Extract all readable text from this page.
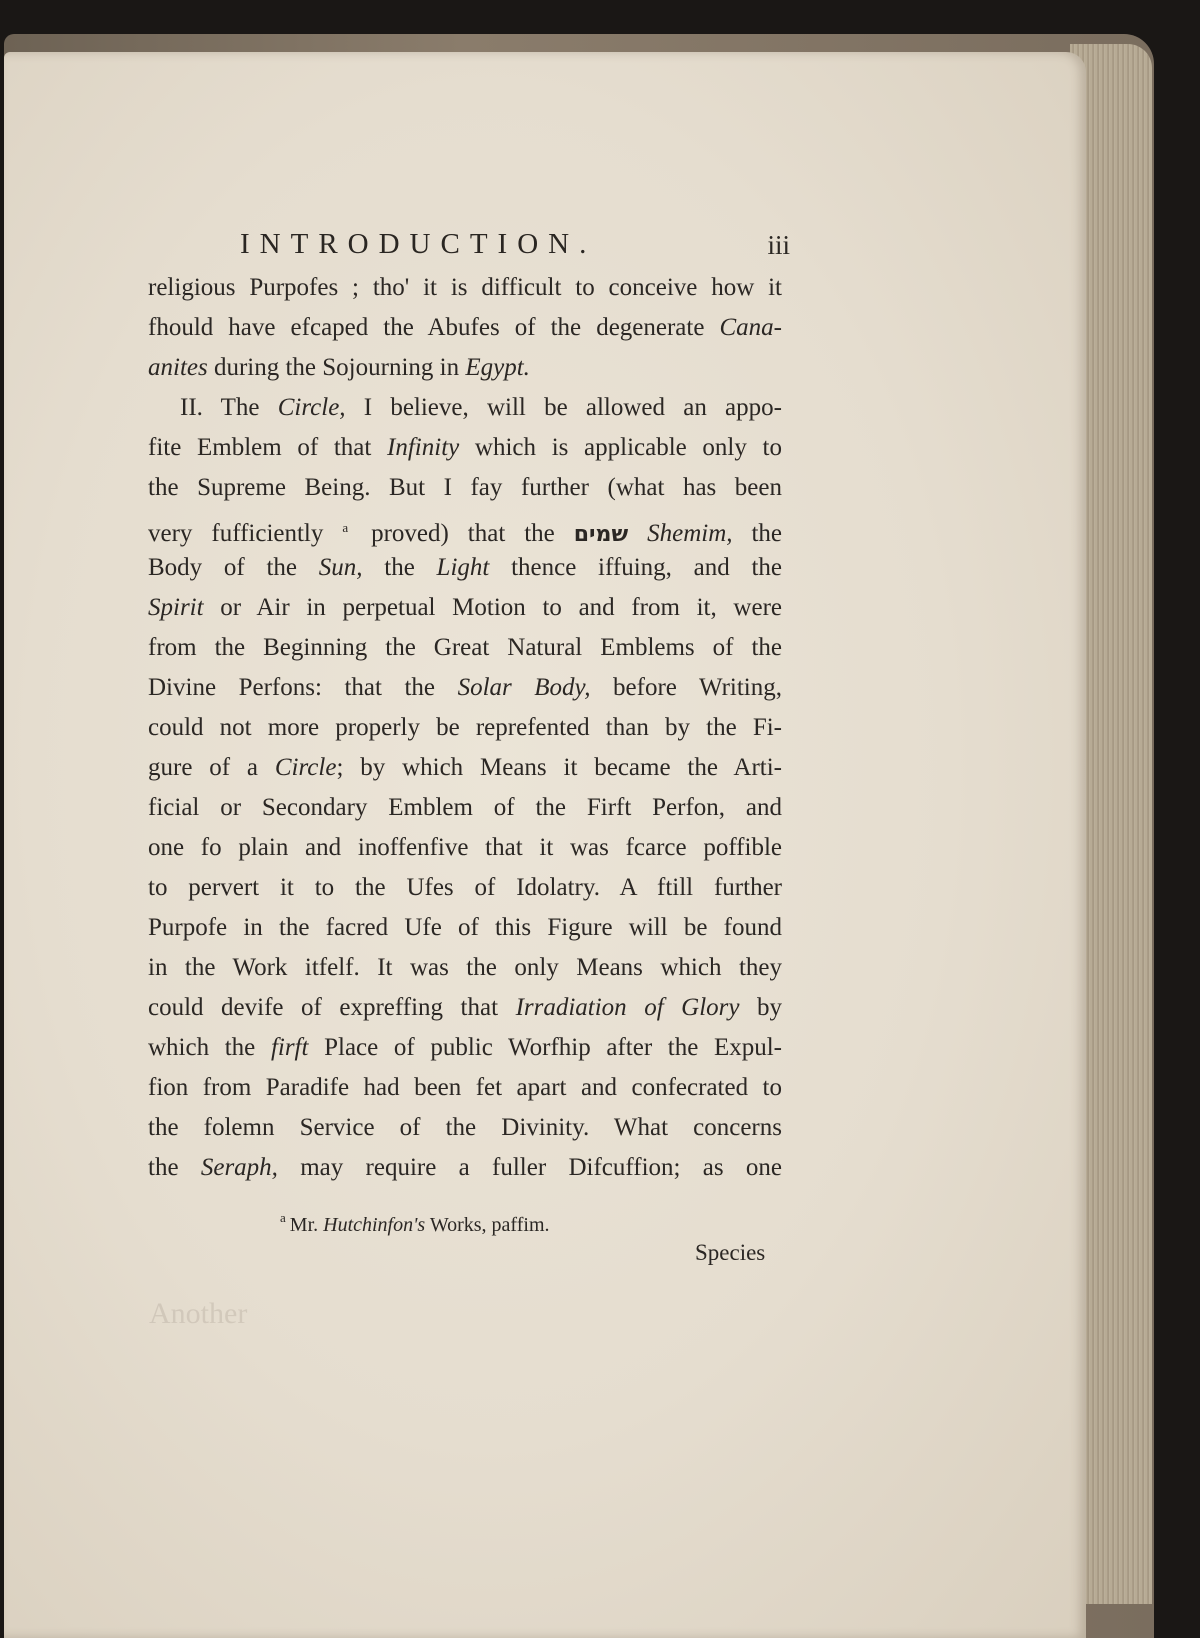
Another
INTRODUCTION.	iii
religious Purpofes ; tho' it is difficult to conceive how it
fhould have efcaped the Abufes of the degenerate Cana-
anites during the Sojourning in Egypt.
II. The Circle, I believe, will be allowed an appo-
fite Emblem of that Infinity which is applicable only to
the Supreme Being. But I fay further (what has been
very fufficiently $^a$ proved) that the שמים Shemim, the
Body of the Sun, the Light thence iffuing, and the
Spirit or Air in perpetual Motion to and from it, were
from the Beginning the Great Natural Emblems of the
Divine Perfons: that the Solar Body, before Writing,
could not more properly be reprefented than by the Fi-
gure of a Circle; by which Means it became the Arti-
ficial or Secondary Emblem of the Firft Perfon, and
one fo plain and inoffenfive that it was fcarce poffible
to pervert it to the Ufes of Idolatry. A ftill further
Purpofe in the facred Ufe of this Figure will be found
in the Work itfelf. It was the only Means which they
could devife of expreffing that Irradiation of Glory by
which the firft Place of public Worfhip after the Expul-
fion from Paradife had been fet apart and confecrated to
the folemn Service of the Divinity. What concerns
the Seraph, may require a fuller Difcuffion; as one
$^a$ Mr. Hutchinfon's Works, paffim.
Species
